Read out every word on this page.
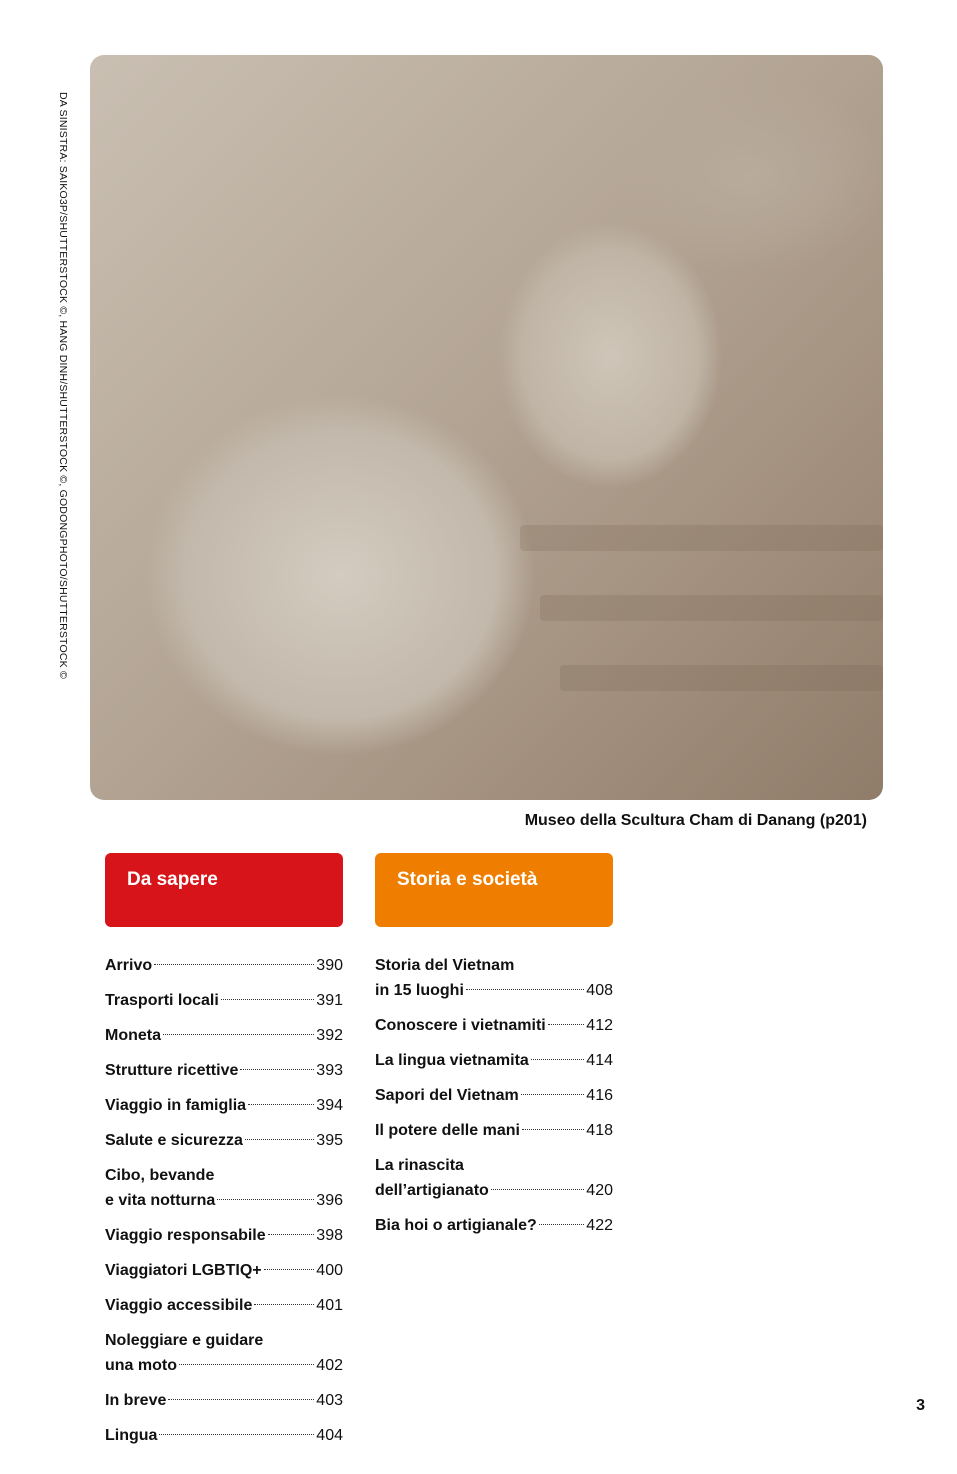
DA SINISTRA: SAIKO3P/SHUTTERSTOCK ©, HANG DINH/SHUTTERSTOCK ©, GODONGPHOTO/SHUTTERSTOCK ©
Museo della Scultura Cham di Danang (p201)
Da sapere
Arrivo	390
Trasporti locali	391
Moneta	392
Strutture ricettive	393
Viaggio in famiglia	394
Salute e sicurezza	395
Cibo, bevande
e vita notturna	396
Viaggio responsabile	398
Viaggiatori LGBTIQ+	400
Viaggio accessibile	401
Noleggiare e guidare
una moto	402
In breve	403
Lingua	404
Storia e società
Storia del Vietnam
in 15 luoghi	408
Conoscere i vietnamiti	412
La lingua vietnamita	414
Sapori del Vietnam	416
Il potere delle mani	418
La rinascita
dell’artigianato	420
Bia hoi o artigianale?	422
3
